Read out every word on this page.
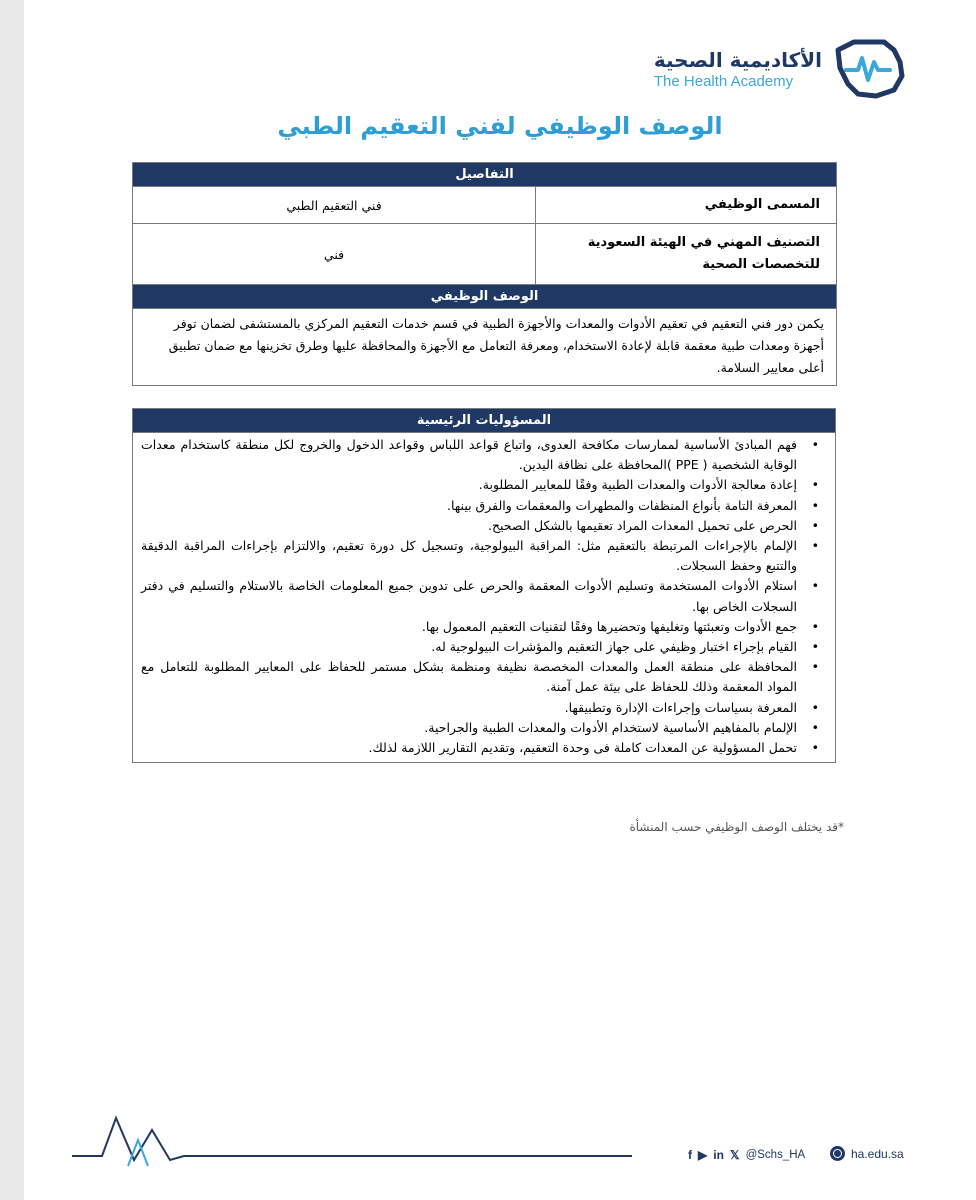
الأكاديمية الصحية
The Health Academy
الوصف الوظيفي لفني التعقيم الطبي
التفاصيل	
فني التعقيم الطبي	المسمى الوظيفي
فني	التصنيف المهني في الهيئة السعودية للتخصصات الصحية
الوصف الوظيفي	
يكمن دور فني التعقيم في تعقيم الأدوات والمعدات والأجهزة الطبية في قسم خدمات التعقيم المركزي بالمستشفى لضمان توفر أجهزة ومعدات طبية معقمة قابلة لإعادة الاستخدام، ومعرفة التعامل مع الأجهزة والمحافظة عليها وطرق تخزينها مع ضمان تطبيق أعلى معايير السلامة.	
المسؤوليات الرئيسية

• فهم المبادئ الأساسية لممارسات مكافحة العدوى، واتباع قواعد اللباس وقواعد الدخول والخروج لكل منطقة كاستخدام معدات الوقاية الشخصية ( PPE )المحافظة على نظافة اليدين.
• إعادة معالجة الأدوات والمعدات الطبية وفقًا للمعايير المطلوبة.
• المعرفة التامة بأنواع المنظفات والمطهرات والمعقمات والفرق بينها.
• الحرص على تحميل المعدات المراد تعقيمها بالشكل الصحيح.
• الإلمام بالإجراءات المرتبطة بالتعقيم مثل: المراقبة البيولوجية، وتسجيل كل دورة تعقيم، والالتزام بإجراءات المراقبة الدقيقة والتتبع وحفظ السجلات.
• استلام الأدوات المستخدمة وتسليم الأدوات المعقمة والحرص على تدوين جميع المعلومات الخاصة بالاستلام والتسليم في دفتر السجلات الخاص بها.
• جمع الأدوات وتعبئتها وتغليفها وتحضيرها وفقًا لتقنيات التعقيم المعمول بها.
• القيام بإجراء اختبار وظيفي على جهاز التعقيم والمؤشرات البيولوجية له.
• المحافظة على منطقة العمل والمعدات المخصصة نظيفة ومنظمة بشكل مستمر للحفاظ على المعايير المطلوبة للتعامل مع المواد المعقمة وذلك للحفاظ على بيئة عمل آمنة.
• المعرفة بسياسات وإجراءات الإدارة وتطبيقها.
• الإلمام بالمفاهيم الأساسية لاستخدام الأدوات والمعدات الطبية والجراحية.
• تحمل المسؤولية عن المعدات كاملة فى وحدة التعقيم، وتقديم التقارير اللازمة لذلك.
*قد يختلف الوصف الوظيفي حسب المنشأة
f ▶ in 𝕏 @Schs_HA	ha.edu.sa
